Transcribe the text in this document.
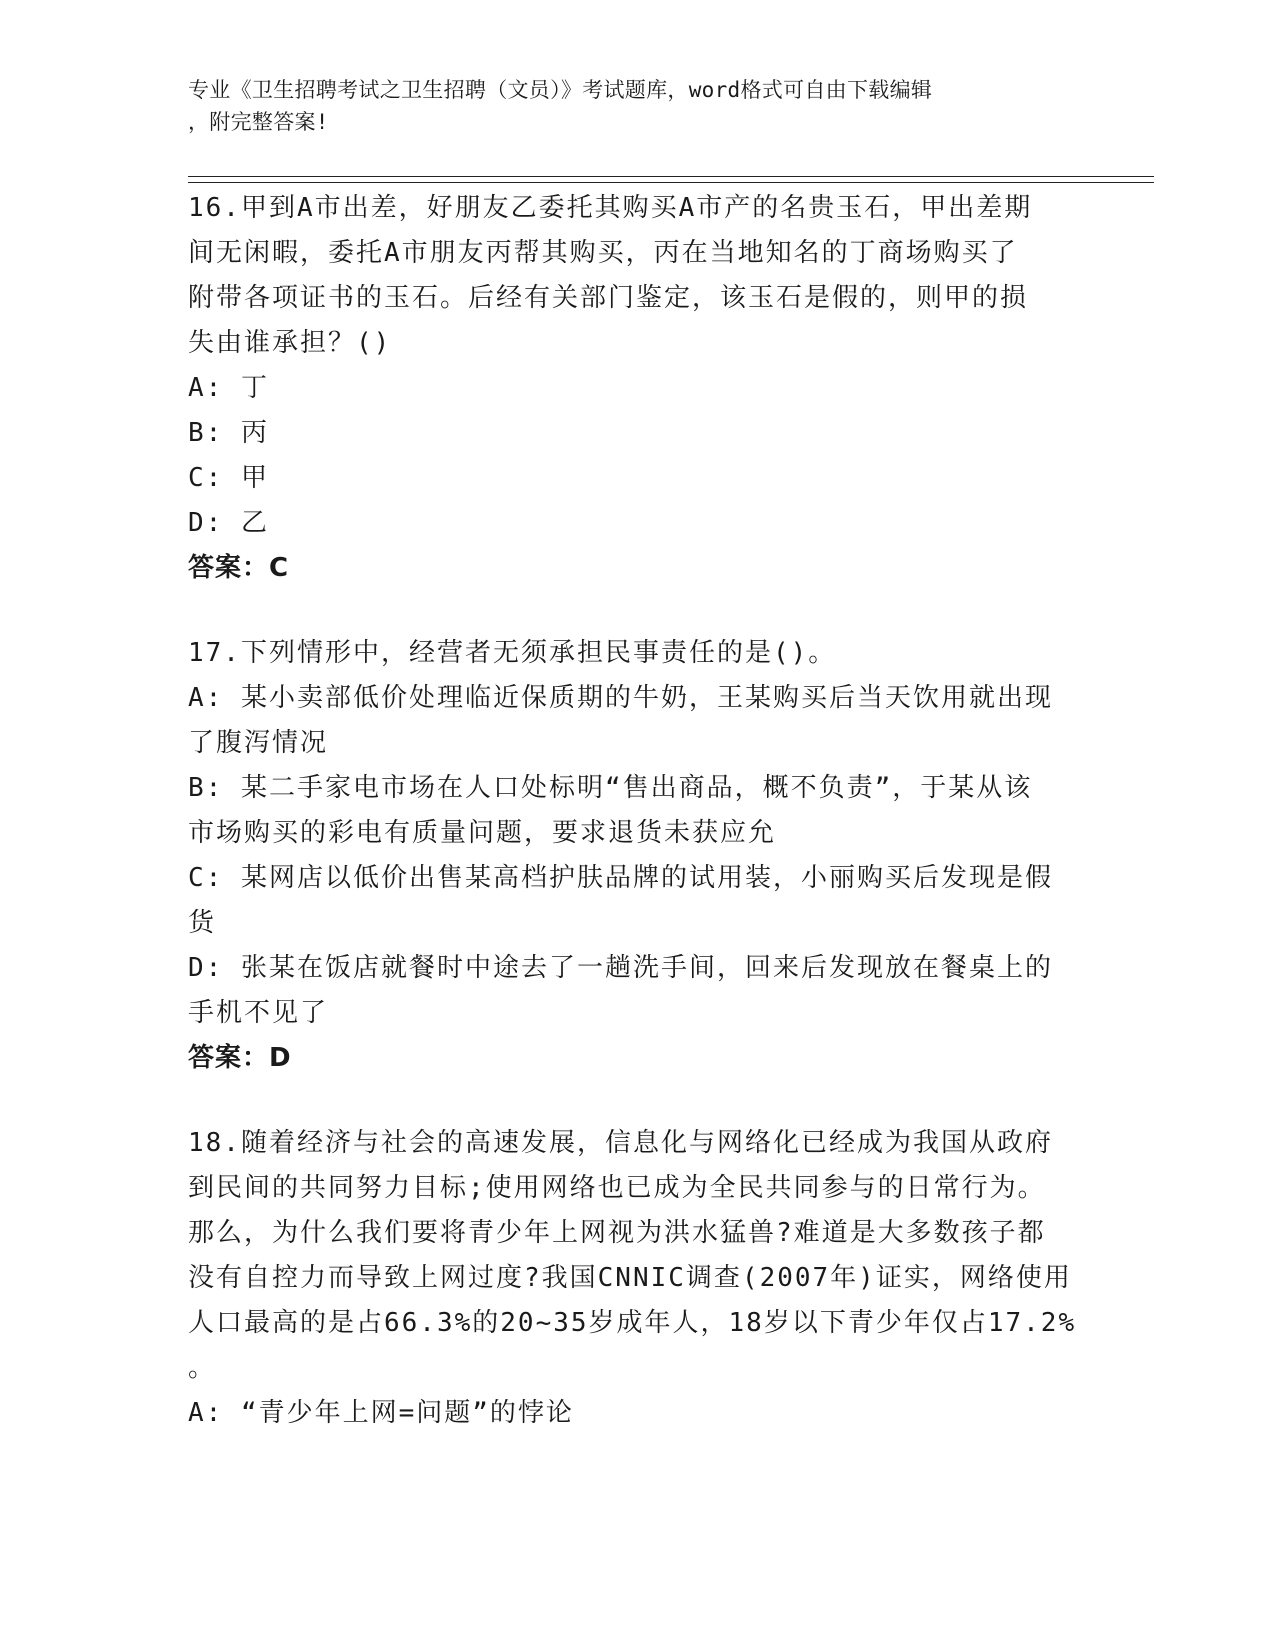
专业《卫生招聘考试之卫生招聘（文员）》考试题库，word格式可自由下载编辑
，附完整答案!
16.甲到A市出差，好朋友乙委托其购买A市产的名贵玉石，甲出差期
间无闲暇，委托A市朋友丙帮其购买，丙在当地知名的丁商场购买了
附带各项证书的玉石。后经有关部门鉴定，该玉石是假的，则甲的损
失由谁承担？()
A: 丁
B: 丙
C: 甲
D: 乙
答案：C
17.下列情形中，经营者无须承担民事责任的是()。
A: 某小卖部低价处理临近保质期的牛奶，王某购买后当天饮用就出现
了腹泻情况
B: 某二手家电市场在人口处标明“售出商品，概不负责”，于某从该
市场购买的彩电有质量问题，要求退货未获应允
C: 某网店以低价出售某高档护肤品牌的试用装，小丽购买后发现是假
货
D: 张某在饭店就餐时中途去了一趟洗手间，回来后发现放在餐桌上的
手机不见了
答案：D
18.随着经济与社会的高速发展，信息化与网络化已经成为我国从政府
到民间的共同努力目标;使用网络也已成为全民共同参与的日常行为。
那么，为什么我们要将青少年上网视为洪水猛兽?难道是大多数孩子都
没有自控力而导致上网过度?我国CNNIC调查(2007年)证实，网络使用
人口最高的是占66.3%的20~35岁成年人，18岁以下青少年仅占17.2%
。
A: “青少年上网=问题”的悖论
